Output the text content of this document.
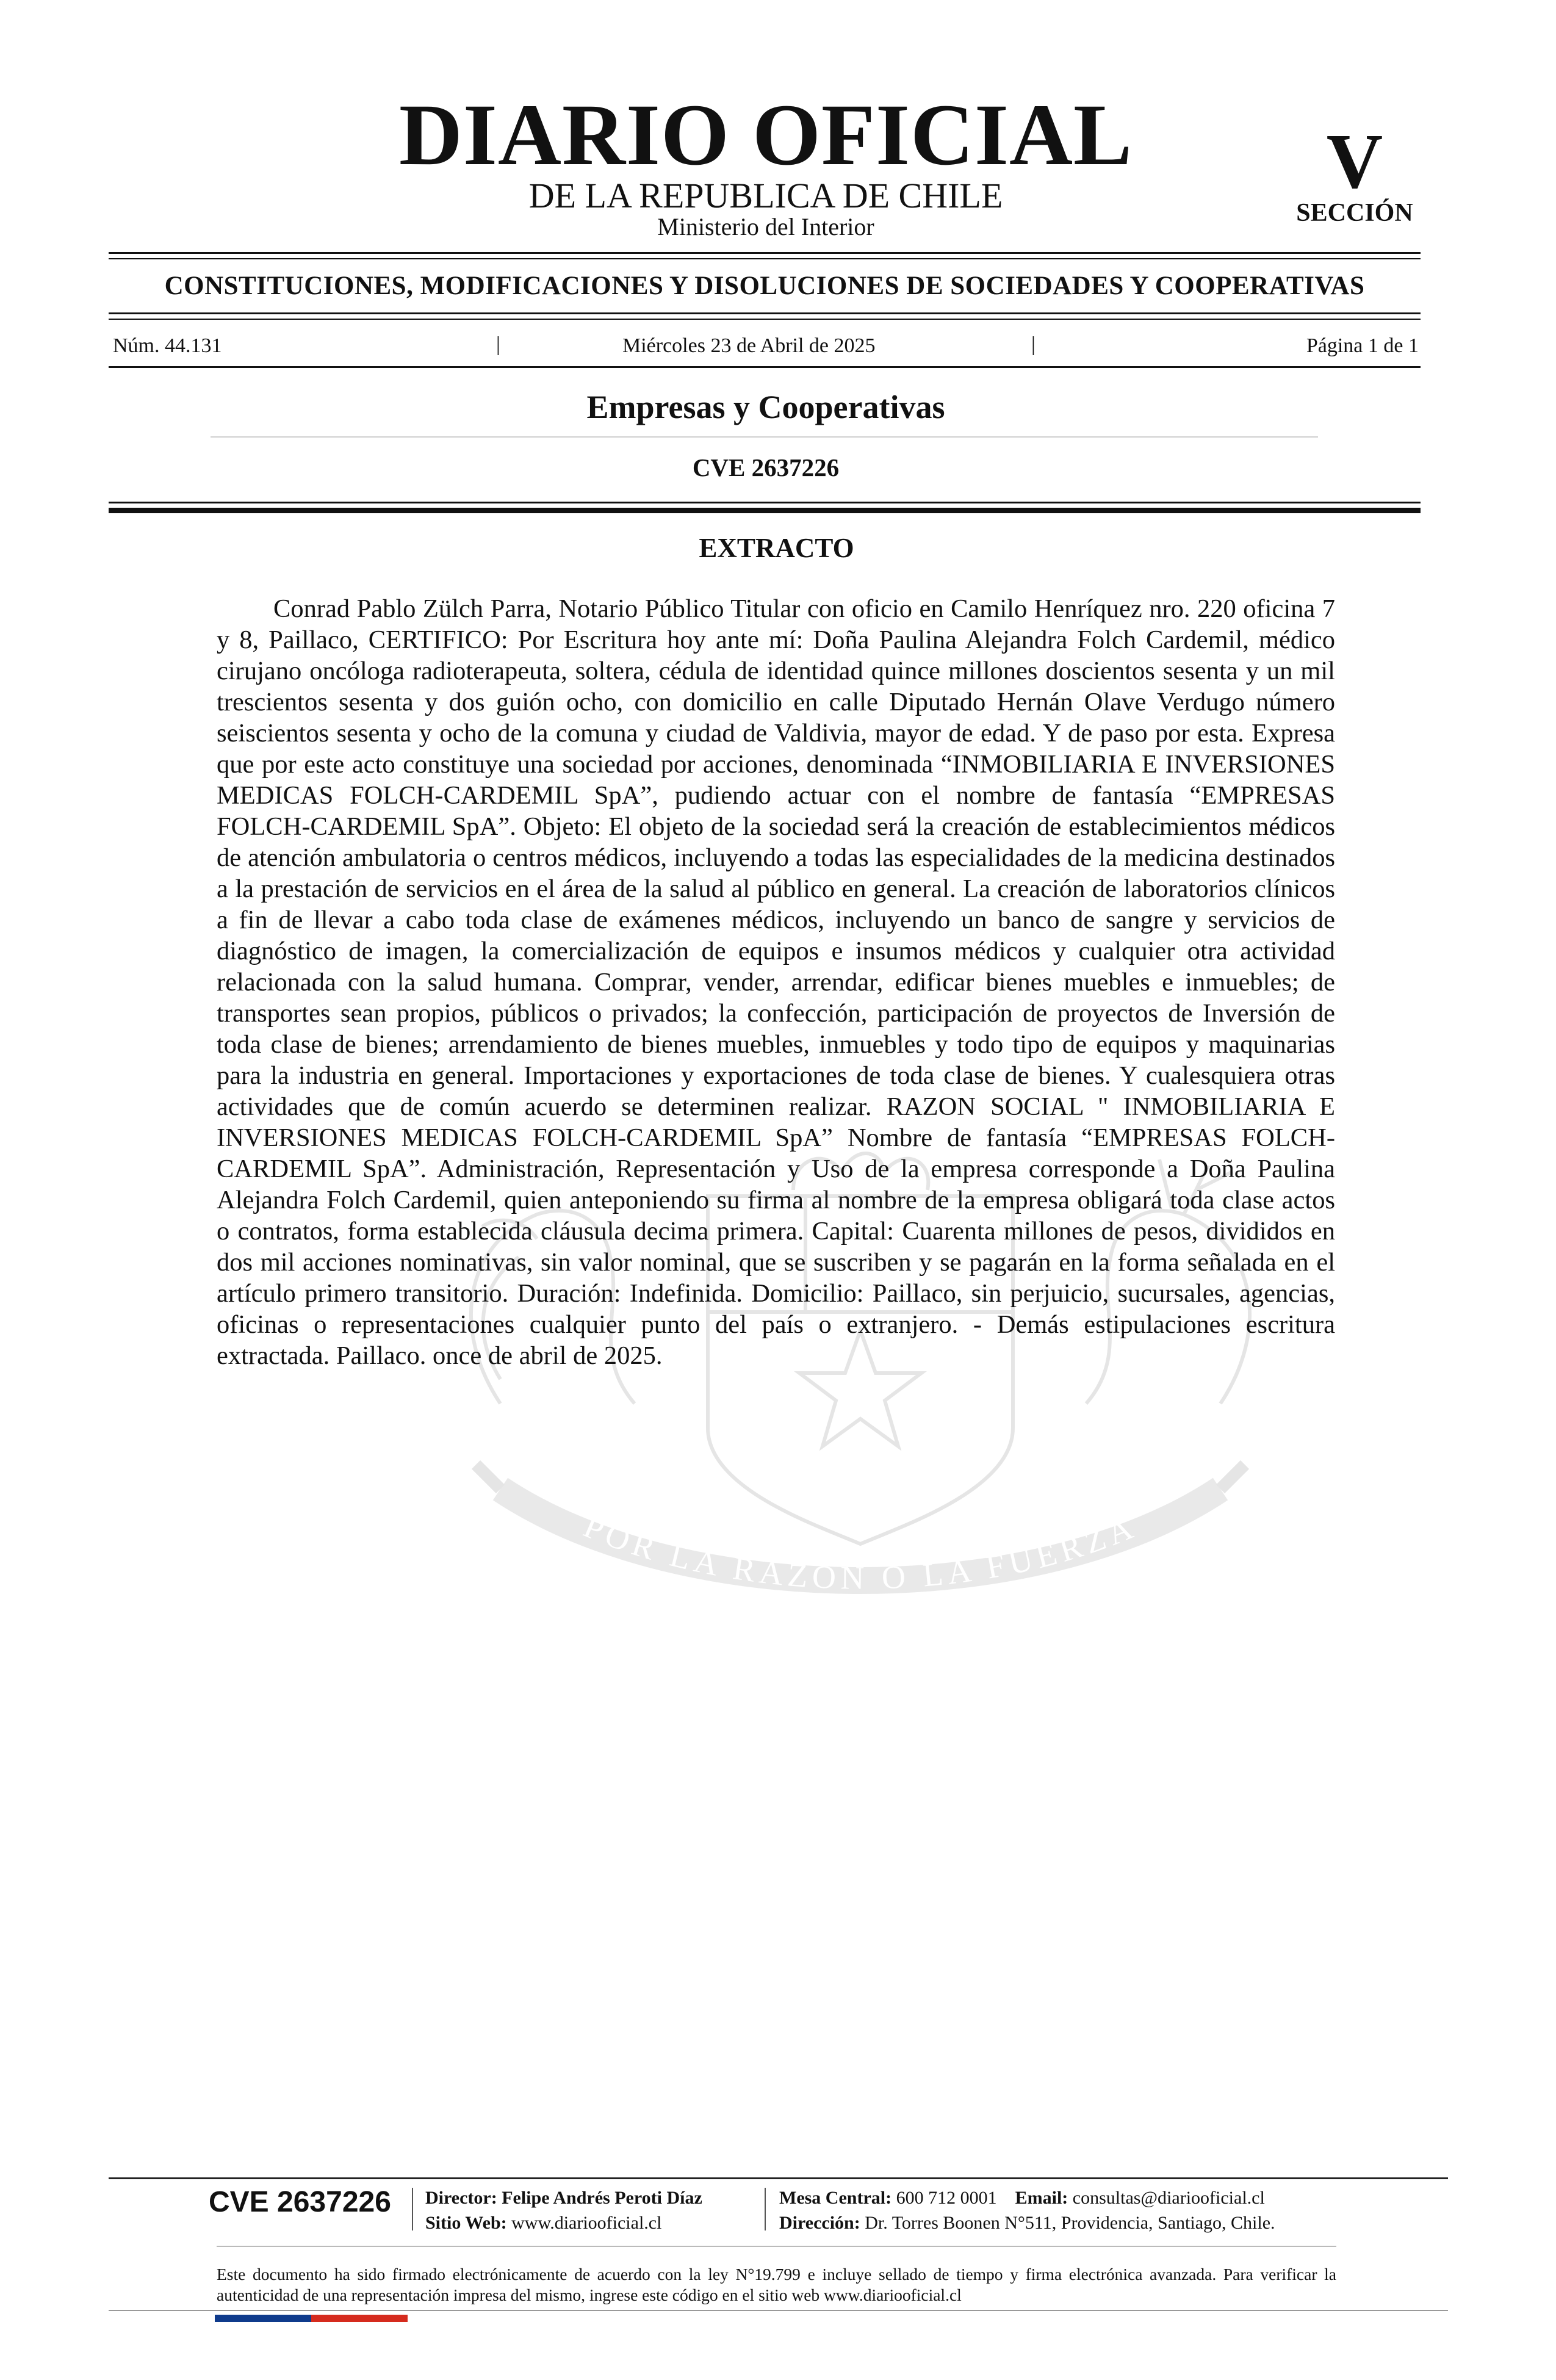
DIARIO OFICIAL
DE LA REPUBLICA DE CHILE
Ministerio del Interior
V
SECCIÓN
CONSTITUCIONES, MODIFICACIONES Y DISOLUCIONES DE SOCIEDADES Y COOPERATIVAS
Núm. 44.131	|	Miércoles 23 de Abril de 2025	|	Página 1 de 1
Empresas y Cooperativas
CVE 2637226
POR LA RAZON O LA FUERZA
EXTRACTO

Conrad Pablo Zülch Parra, Notario Público Titular con oficio en Camilo Henríquez nro. 220 oficina 7 y 8, Paillaco, CERTIFICO: Por Escritura hoy ante mí: Doña Paulina Alejandra Folch Cardemil, médico cirujano oncóloga radioterapeuta, soltera, cédula de identidad quince millones doscientos sesenta y un mil trescientos sesenta y dos guión ocho, con domicilio en calle Diputado Hernán Olave Verdugo número seiscientos sesenta y ocho de la comuna y ciudad de Valdivia, mayor de edad. Y de paso por esta. Expresa que por este acto constituye una sociedad por acciones, denominada “INMOBILIARIA E INVERSIONES MEDICAS FOLCH-CARDEMIL SpA”, pudiendo actuar con el nombre de fantasía “EMPRESAS FOLCH-CARDEMIL SpA”. Objeto: El objeto de la sociedad será la creación de establecimientos médicos de atención ambulatoria o centros médicos, incluyendo a todas las especialidades de la medicina destinados a la prestación de servicios en el área de la salud al público en general. La creación de laboratorios clínicos a fin de llevar a cabo toda clase de exámenes médicos, incluyendo un banco de sangre y servicios de diagnóstico de imagen, la comercialización de equipos e insumos médicos y cualquier otra actividad relacionada con la salud humana. Comprar, vender, arrendar, edificar bienes muebles e inmuebles; de transportes sean propios, públicos o privados; la confección, participación de proyectos de Inversión de toda clase de bienes; arrendamiento de bienes muebles, inmuebles y todo tipo de equipos y maquinarias para la industria en general. Importaciones y exportaciones de toda clase de bienes. Y cualesquiera otras actividades que de común acuerdo se determinen realizar. RAZON SOCIAL " INMOBILIARIA E INVERSIONES MEDICAS FOLCH-CARDEMIL SpA” Nombre de fantasía “EMPRESAS FOLCH-CARDEMIL SpA”. Administración, Representación y Uso de la empresa corresponde a Doña Paulina Alejandra Folch Cardemil, quien anteponiendo su firma al nombre de la empresa obligará toda clase actos o contratos, forma establecida cláusula decima primera. Capital: Cuarenta millones de pesos, divididos en dos mil acciones nominativas, sin valor nominal, que se suscriben y se pagarán en la forma señalada en el artículo primero transitorio. Duración: Indefinida. Domicilio: Paillaco, sin perjuicio, sucursales, agencias, oficinas o representaciones cualquier punto del país o extranjero. - Demás estipulaciones escritura extractada. Paillaco. once de abril de 2025.

CVE 2637226	Director: Felipe Andrés Peroti Díaz
Sitio Web: www.diariooficial.cl
Mesa Central: 600 712 0001 Email: consultas@diariooficial.cl
Dirección: Dr. Torres Boonen N°511, Providencia, Santiago, Chile.

Este documento ha sido firmado electrónicamente de acuerdo con la ley N°19.799 e incluye sellado de tiempo y firma electrónica avanzada. Para verificar la autenticidad de una representación impresa del mismo, ingrese este código en el sitio web www.diariooficial.cl
